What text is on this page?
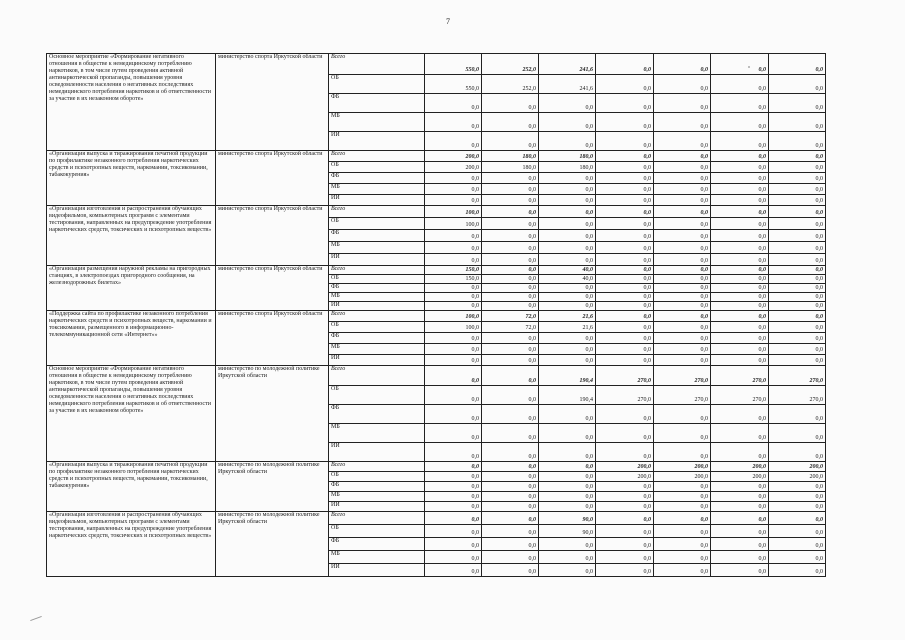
7
Основное мероприятие «Формирование негативного отношения в обществе к немедицинскому потреблению наркотиков, в том числе путем проведения активной антинаркотической пропаганды, повышения уровня осведомленности населения о негативных последствиях немедицинского потребления наркотиков и об ответственности за участие в их незаконном обороте»	министерство спорта Иркутской области	Всего	550,0	252,0	241,6	0,0	0,0	0,0	0,0
		ОБ	550,0	252,0	241,6	0,0	0,0	0,0	0,0
		ФБ	0,0	0,0	0,0	0,0	0,0	0,0	0,0
		МБ	0,0	0,0	0,0	0,0	0,0	0,0	0,0
		ИИ	0,0	0,0	0,0	0,0	0,0	0,0	0,0
«Организация выпуска и тиражирования печатной продукции по профилактике незаконного потребления наркотических средств и психотропных веществ, наркомании, токсикомании, табакокурения»	министерство спорта Иркутской области	Всего	200,0	180,0	180,0	0,0	0,0	0,0	0,0
		ОБ	200,0	180,0	180,0	0,0	0,0	0,0	0,0
		ФБ	0,0	0,0	0,0	0,0	0,0	0,0	0,0
		МБ	0,0	0,0	0,0	0,0	0,0	0,0	0,0
		ИИ	0,0	0,0	0,0	0,0	0,0	0,0	0,0
«Организация изготовления и распространения обучающих видеофильмов, компьютерных программ с элементами тестирования, направленных на предупреждение употребления наркотических средств, токсических и психотропных веществ»	министерство спорта Иркутской области	Всего	100,0	0,0	0,0	0,0	0,0	0,0	0,0
		ОБ	100,0	0,0	0,0	0,0	0,0	0,0	0,0
		ФБ	0,0	0,0	0,0	0,0	0,0	0,0	0,0
		МБ	0,0	0,0	0,0	0,0	0,0	0,0	0,0
		ИИ	0,0	0,0	0,0	0,0	0,0	0,0	0,0
«Организация размещения наружной рекламы на пригородных станциях, в электропоездах пригородного сообщения, на железнодорожных билетах»	министерство спорта Иркутской области	Всего	150,0	0,0	40,0	0,0	0,0	0,0	0,0
		ОБ	150,0	0,0	40,0	0,0	0,0	0,0	0,0
		ФБ	0,0	0,0	0,0	0,0	0,0	0,0	0,0
		МБ	0,0	0,0	0,0	0,0	0,0	0,0	0,0
		ИИ	0,0	0,0	0,0	0,0	0,0	0,0	0,0
«Поддержка сайта по профилактике незаконного потребления наркотических средств и психотропных веществ, наркомании и токсикомании, размещенного в информационно-телекоммуникационной сети «Интернет»»	министерство спорта Иркутской области	Всего	100,0	72,0	21,6	0,0	0,0	0,0	0,0
		ОБ	100,0	72,0	21,6	0,0	0,0	0,0	0,0
		ФБ	0,0	0,0	0,0	0,0	0,0	0,0	0,0
		МБ	0,0	0,0	0,0	0,0	0,0	0,0	0,0
		ИИ	0,0	0,0	0,0	0,0	0,0	0,0	0,0
Основное мероприятие «Формирование негативного отношения в обществе к немедицинскому потреблению наркотиков, в том числе путем проведения активной антинаркотической пропаганды, повышения уровня осведомленности населения о негативных последствиях немедицинского потребления наркотиков и об ответственности за участие в их незаконном обороте»	министерство по молодежной политике Иркутской области	Всего	0,0	0,0	190,4	270,0	270,0	270,0	270,0
		ОБ	0,0	0,0	190,4	270,0	270,0	270,0	270,0
		ФБ	0,0	0,0	0,0	0,0	0,0	0,0	0,0
		МБ	0,0	0,0	0,0	0,0	0,0	0,0	0,0
		ИИ	0,0	0,0	0,0	0,0	0,0	0,0	0,0
«Организация выпуска и тиражирования печатной продукции по профилактике незаконного потребления наркотических средств и психотропных веществ, наркомании, токсикомании, табакокурения»	министерство по молодежной политике Иркутской области	Всего	0,0	0,0	0,0	200,0	200,0	200,0	200,0
		ОБ	0,0	0,0	0,0	200,0	200,0	200,0	200,0
		ФБ	0,0	0,0	0,0	0,0	0,0	0,0	0,0
		МБ	0,0	0,0	0,0	0,0	0,0	0,0	0,0
		ИИ	0,0	0,0	0,0	0,0	0,0	0,0	0,0
«Организация изготовления и распространения обучающих видеофильмов, компьютерных программ с элементами тестирования, направленных на предупреждение употребления наркотических средств, токсических и психотропных веществ»	министерство по молодежной политике Иркутской области	Всего	0,0	0,0	90,0	0,0	0,0	0,0	0,0
		ОБ	0,0	0,0	90,0	0,0	0,0	0,0	0,0
		ФБ	0,0	0,0	0,0	0,0	0,0	0,0	0,0
		МБ	0,0	0,0	0,0	0,0	0,0	0,0	0,0
		ИИ	0,0	0,0	0,0	0,0	0,0	0,0	0,0
